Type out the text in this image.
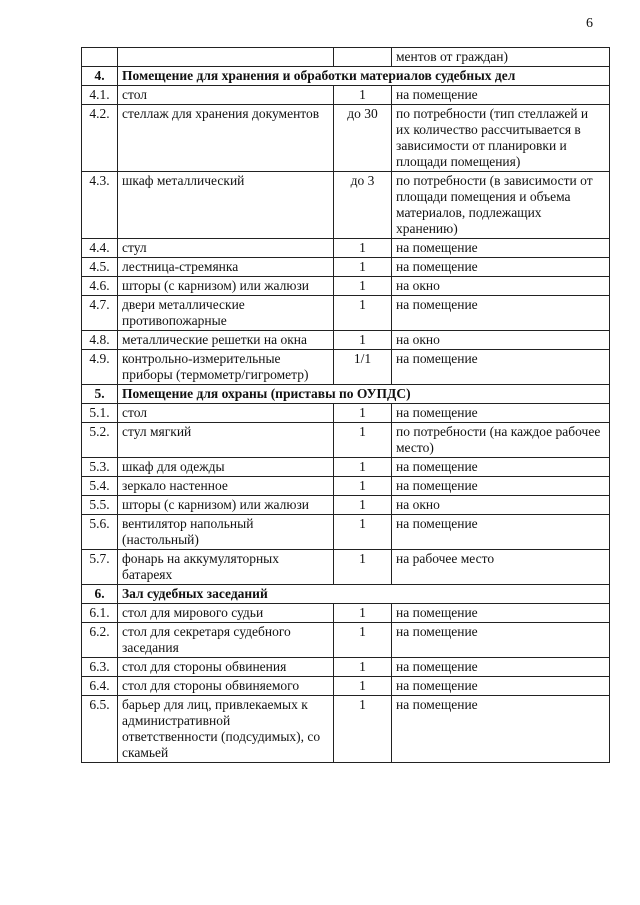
6
			ментов от граждан)
4.	Помещение для хранения и обработки материалов судебных дел		
4.1.	стол	1	на помещение
4.2.	стеллаж для хранения документов	до 30	по потребности (тип стеллажей и их количество рассчитывается в зависимости от планировки и площади помещения)
4.3.	шкаф металлический	до 3	по потребности (в зависимости от площади помещения и объема материалов, подлежащих хранению)
4.4.	стул	1	на помещение
4.5.	лестница-стремянка	1	на помещение
4.6.	шторы (с карнизом) или жалюзи	1	на окно
4.7.	двери металлические противопожарные	1	на помещение
4.8.	металлические решетки на окна	1	на окно
4.9.	контрольно-измерительные приборы (термометр/гигрометр)	1/1	на помещение
5.	Помещение для охраны (приставы по ОУПДС)		
5.1.	стол	1	на помещение
5.2.	стул мягкий	1	по потребности (на каждое рабочее место)
5.3.	шкаф для одежды	1	на помещение
5.4.	зеркало настенное	1	на помещение
5.5.	шторы (с карнизом) или жалюзи	1	на окно
5.6.	вентилятор напольный (настольный)	1	на помещение
5.7.	фонарь на аккумуляторных батареях	1	на рабочее место
6.	Зал судебных заседаний		
6.1.	стол для мирового судьи	1	на помещение
6.2.	стол для секретаря судебного заседания	1	на помещение
6.3.	стол для стороны обвинения	1	на помещение
6.4.	стол для стороны обвиняемого	1	на помещение
6.5.	барьер для лиц, привлекаемых к административной ответственности (подсудимых), со скамьей	1	на помещение
